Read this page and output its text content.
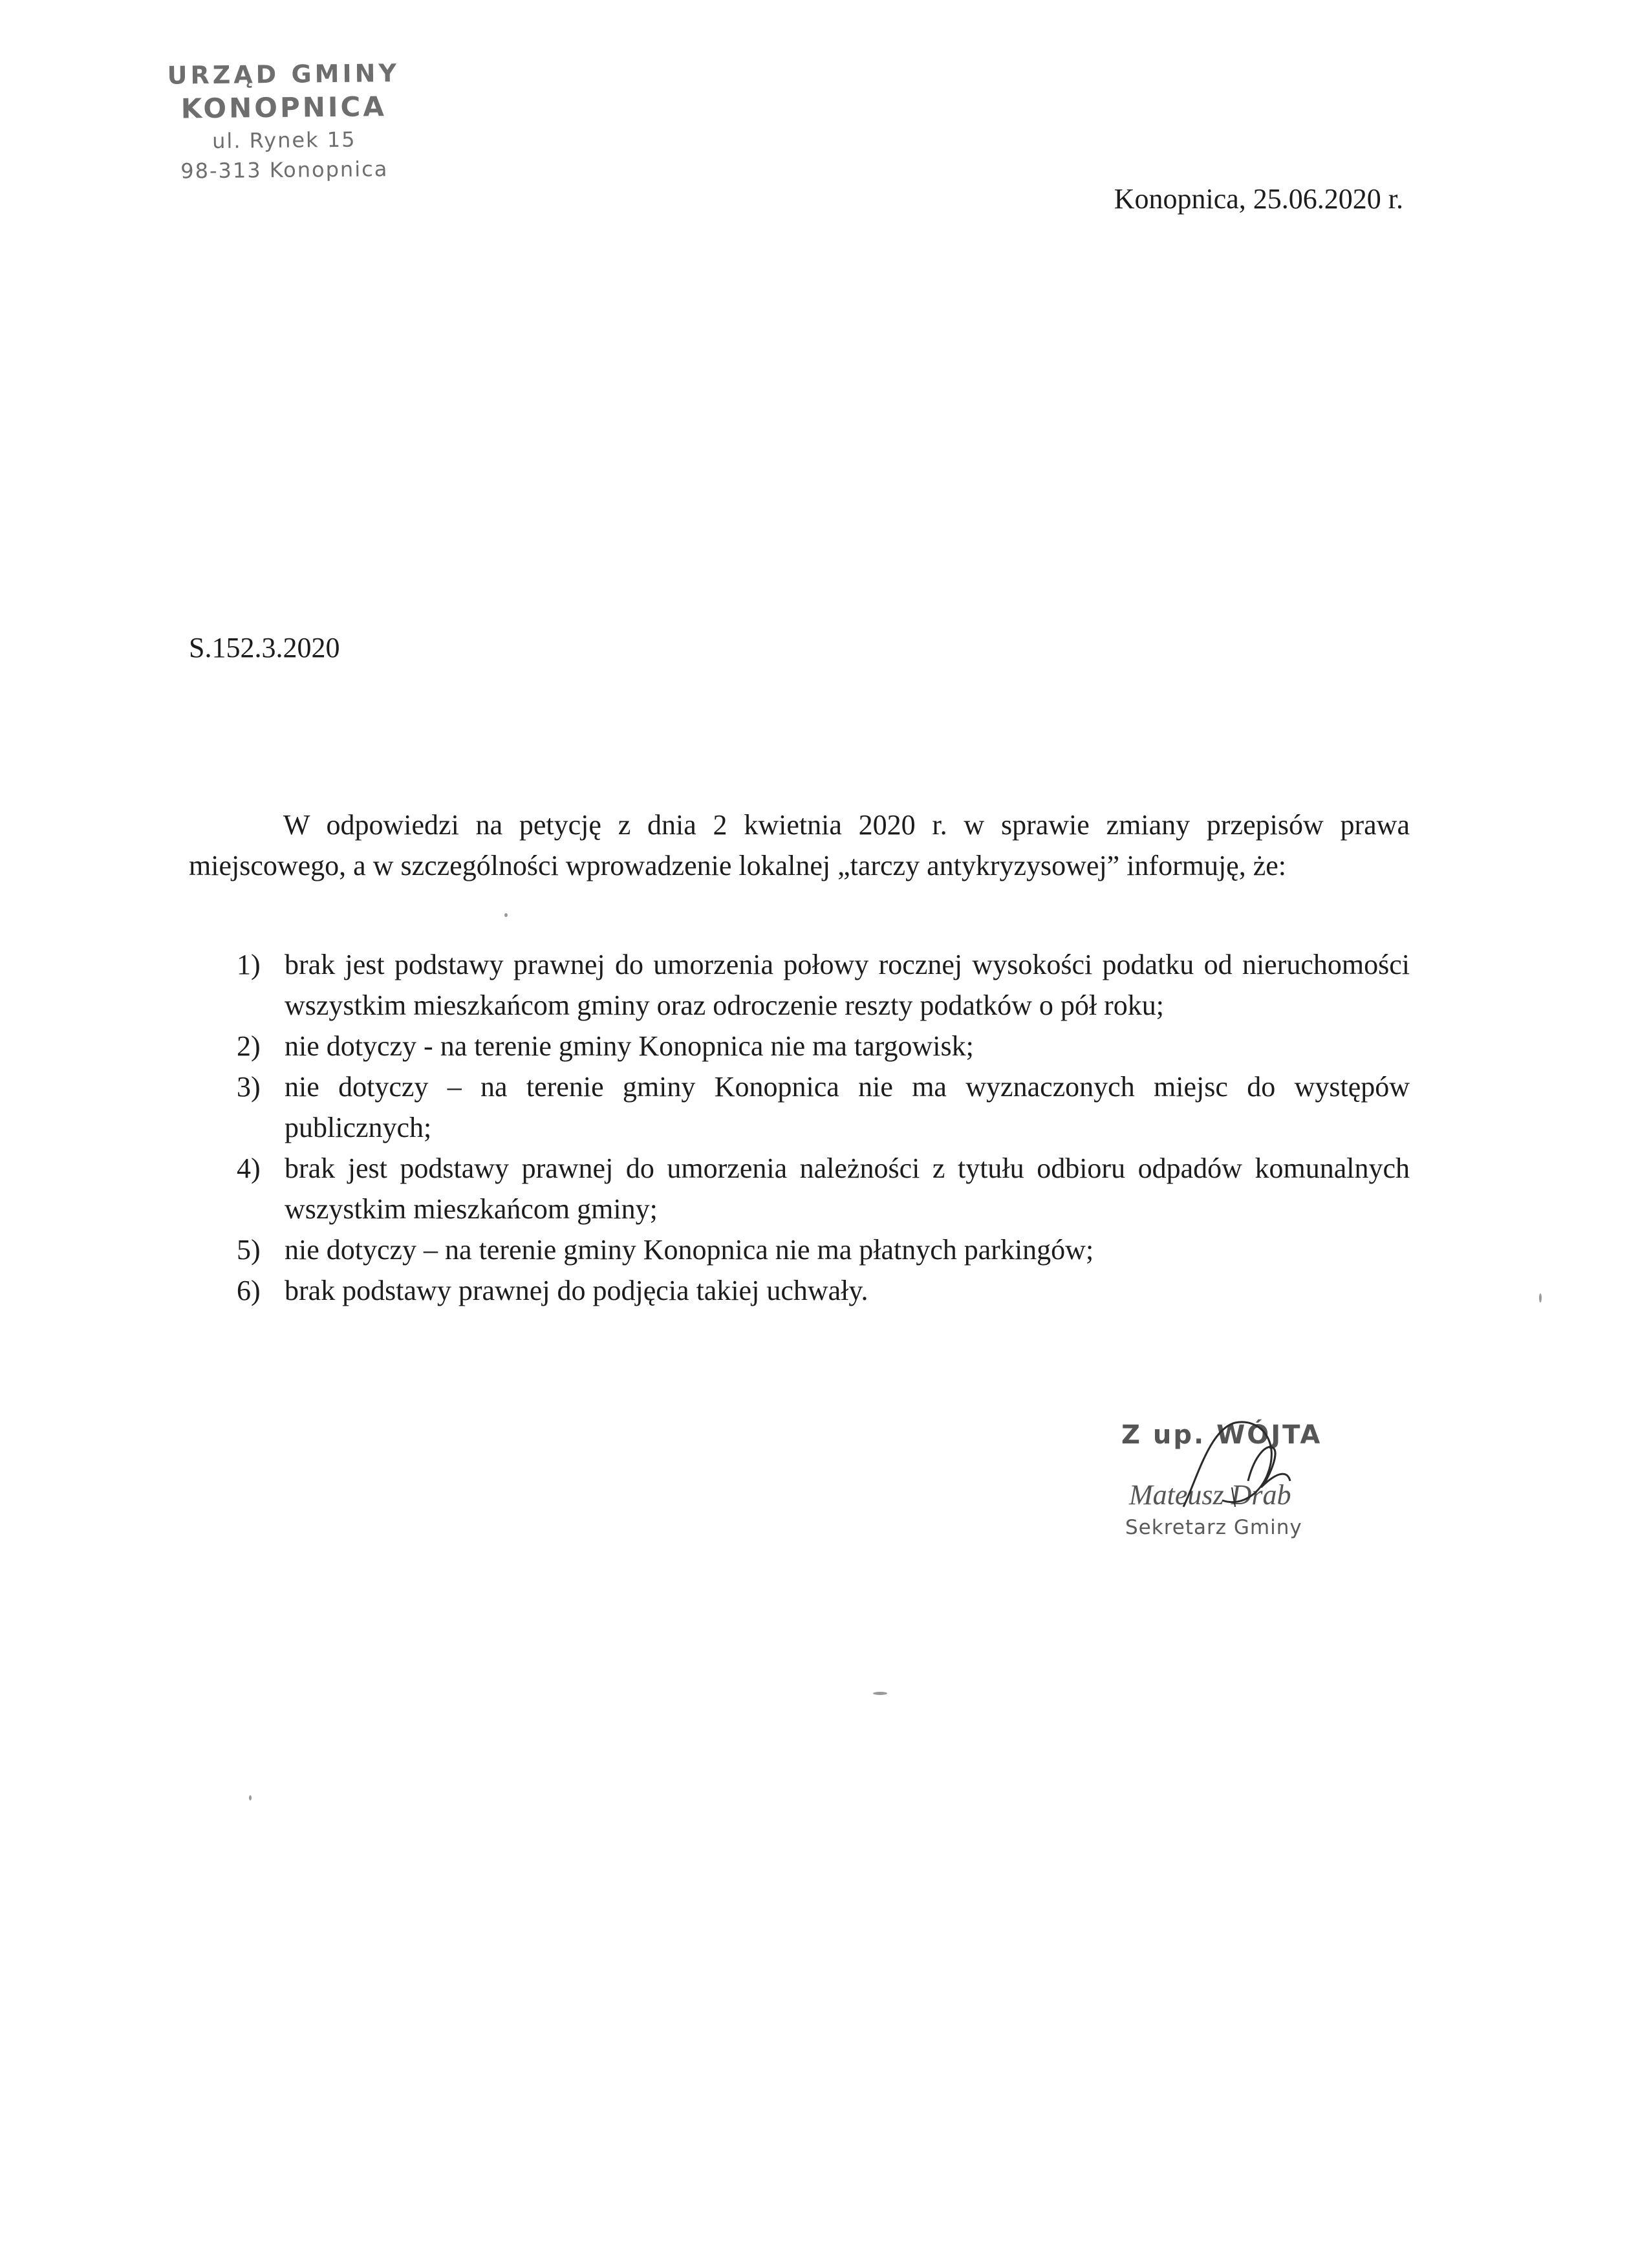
URZĄD GMINY
KONOPNICA
ul. Rynek 15
98-313 Konopnica
Konopnica, 25.06.2020 r.
S.152.3.2020

W odpowiedzi na petycję z dnia 2 kwietnia 2020 r. w sprawie zmiany przepisów prawa miejscowego, a w szczególności wprowadzenie lokalnej „tarczy antykryzysowej” informuję, że:

1) brak jest podstawy prawnej do umorzenia połowy rocznej wysokości podatku od nieruchomości wszystkim mieszkańcom gminy oraz odroczenie reszty podatków o pół roku;
2) nie dotyczy - na terenie gminy Konopnica nie ma targowisk;
3) nie dotyczy – na terenie gminy Konopnica nie ma wyznaczonych miejsc do występów publicznych;
4) brak jest podstawy prawnej do umorzenia należności z tytułu odbioru odpadów komunalnych wszystkim mieszkańcom gminy;
5) nie dotyczy – na terenie gminy Konopnica nie ma płatnych parkingów;
6) brak podstawy prawnej do podjęcia takiej uchwały.
Z up. WÓJTA
Mateusz Drab
Sekretarz Gminy
